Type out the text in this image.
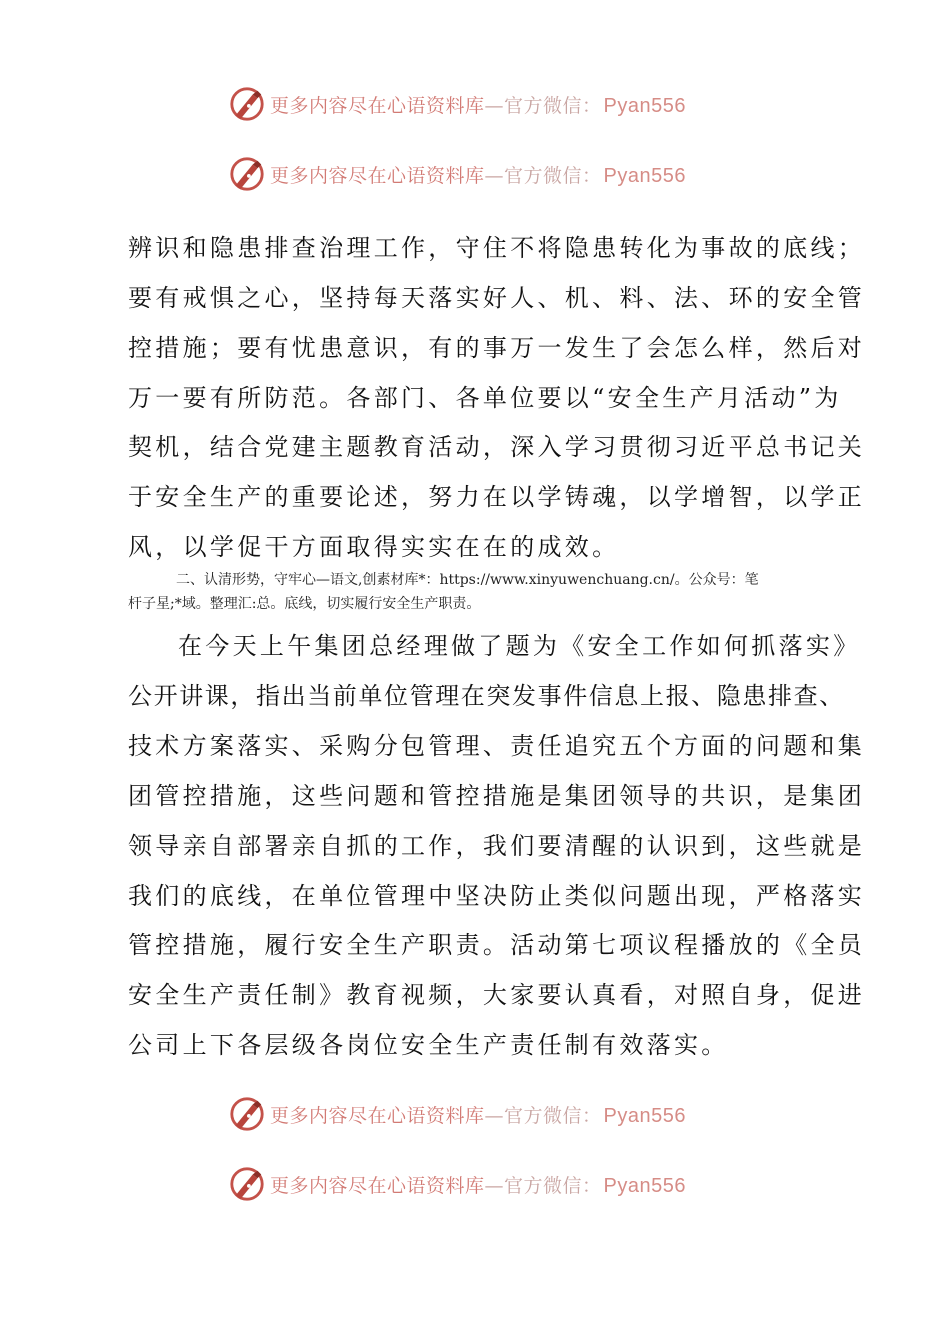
更多内容尽在心语资料库—官方微信： Pyan556
更多内容尽在心语资料库—官方微信： Pyan556
辨识和隐患排查治理工作，守住不将隐患转化为事故的底线；
要有戒惧之心，坚持每天落实好人、机、料、法、环的安全管
控措施；要有忧患意识，有的事万一发生了会怎么样，然后对
万一要有所防范。各部门、各单位要以“安全生产月活动”为
契机，结合党建主题教育活动，深入学习贯彻习近平总书记关
于安全生产的重要论述，努力在以学铸魂，以学增智，以学正
风，以学促干方面取得实实在在的成效。
二、认清形势，守牢心—语文,创素材库*：https://www.xinyuwenchuang.cn/。公众号：笔
杆子星;*域。整理汇:总。底线，切实履行安全生产职责。
在今天上午集团总经理做了题为《安全工作如何抓落实》
公开讲课，指出当前单位管理在突发事件信息上报、隐患排查、
技术方案落实、采购分包管理、责任追究五个方面的问题和集
团管控措施，这些问题和管控措施是集团领导的共识，是集团
领导亲自部署亲自抓的工作，我们要清醒的认识到，这些就是
我们的底线，在单位管理中坚决防止类似问题出现，严格落实
管控措施，履行安全生产职责。活动第七项议程播放的《全员
安全生产责任制》教育视频，大家要认真看，对照自身，促进
公司上下各层级各岗位安全生产责任制有效落实。
更多内容尽在心语资料库—官方微信： Pyan556
更多内容尽在心语资料库—官方微信： Pyan556
